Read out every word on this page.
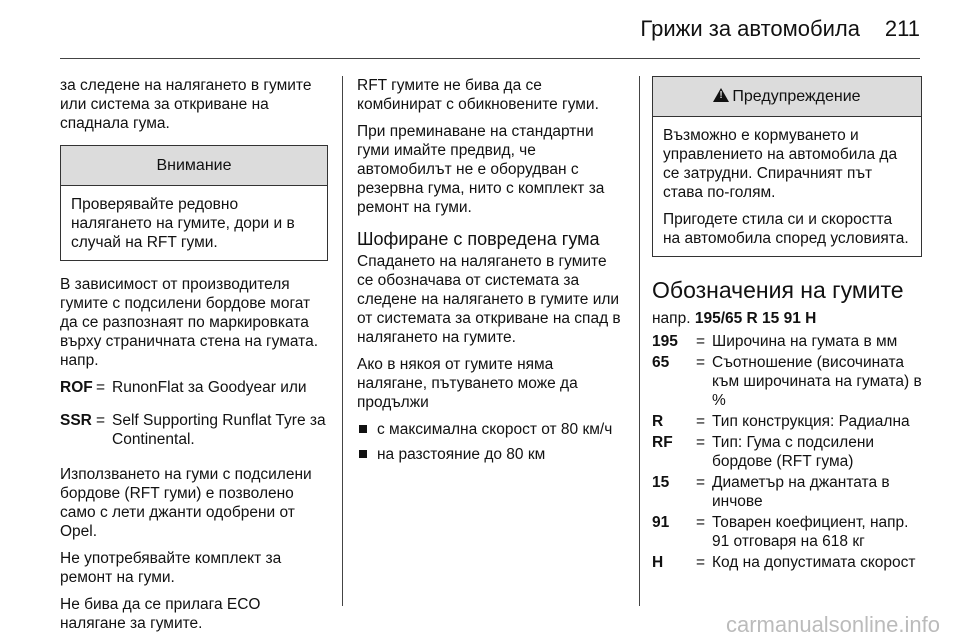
Грижи за автомобила 211

за следене на налягането в гумите или система за откриване на спаднала гума.

Внимание

Проверявайте редовно налягането на гумите, дори и в случай на RFT гуми.

В зависимост от производителя гумите с подсилени бордове могат да се разпознаят по маркировката върху страничната стена на гумата. напр.

ROF = RunonFlat за Goodyear или
SSR = Self Supporting Runflat Tyre за Continental.

Използването на гуми с подсилени бордове (RFT гуми) е позволено само с лети джанти одобрени от Opel.

Не употребявайте комплект за ремонт на гуми.

Не бива да се прилага ECO налягане за гумите.

RFT гумите не бива да се комбинират с обикновените гуми.

При преминаване на стандартни гуми имайте предвид, че автомобилът не е оборудван с резервна гума, нито с комплект за ремонт на гуми.

Шофиране с повредена гума

Спадането на налягането в гумите се обозначава от системата за следене на налягането в гумите или от системата за откриване на спад в налягането на гумите.

Ако в някоя от гумите няма налягане, пътуването може да продължи

с максимална скорост от 80 км/ч
на разстояние до 80 км
!Предупреждение

Възможно е кормуването и управлението на автомобила да се затрудни. Спирачният път става по-голям.

Пригодете стила си и скоростта на автомобила според условията.

Обозначения на гумите

напр. 195/65 R 15 91 H

195	= Широчина на гумата в мм
65	= Съотношение (височината към широчината на гумата) в %
R	= Тип конструкция: Радиална
RF	= Тип: Гума с подсилени бордове (RFT гума)
15	= Диаметър на джантата в инчове
91	= Товарен коефициент, напр. 91 отговаря на 618 кг
H	= Код на допустимата скорост
carmanualsonline.info
